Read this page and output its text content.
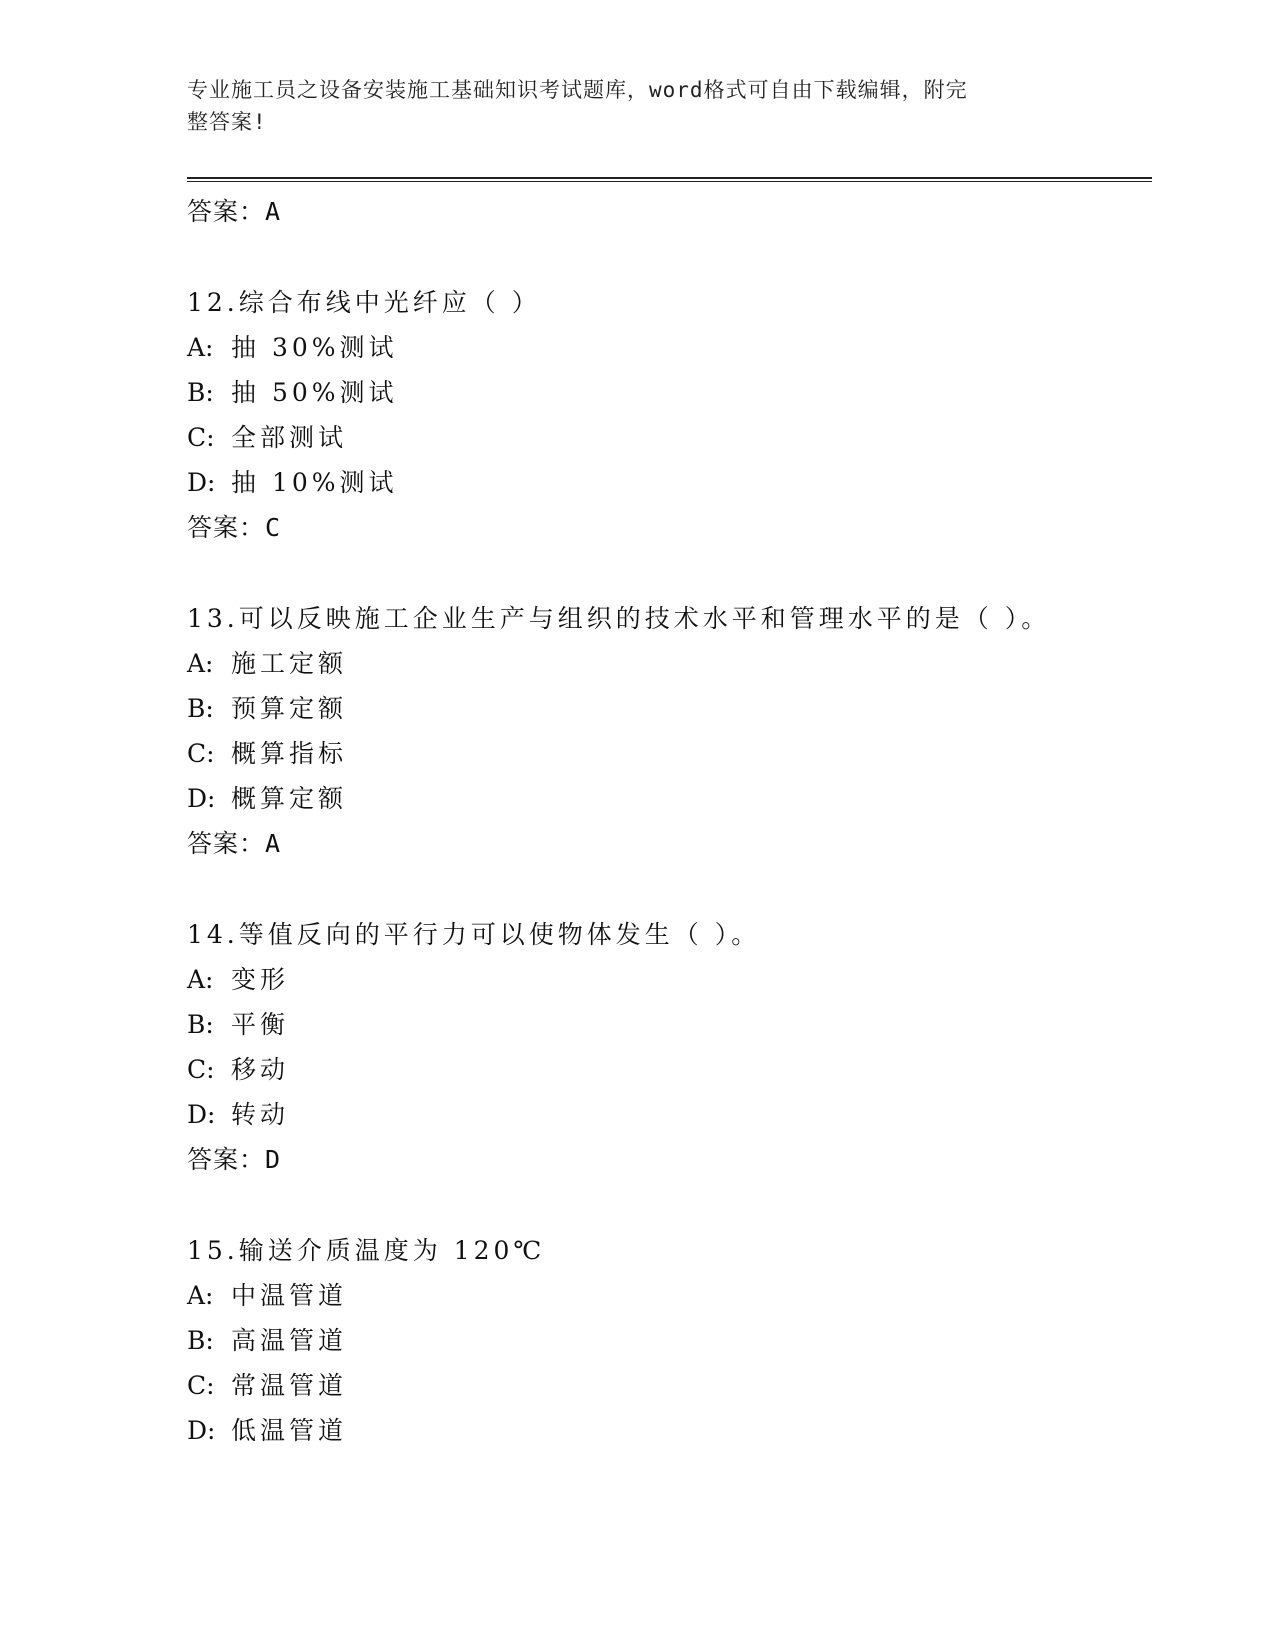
专业施工员之设备安装施工基础知识考试题库，word格式可自由下载编辑，附完
整答案!
答案：A
12.综合布线中光纤应（ ）
A: 抽 30%测试
B: 抽 50%测试
C: 全部测试
D: 抽 10%测试
答案：C
13.可以反映施工企业生产与组织的技术水平和管理水平的是（ ）。
A: 施工定额
B: 预算定额
C: 概算指标
D: 概算定额
答案：A
14.等值反向的平行力可以使物体发生（ ）。
A: 变形
B: 平衡
C: 移动
D: 转动
答案：D
15.输送介质温度为 120℃
A: 中温管道
B: 高温管道
C: 常温管道
D: 低温管道
